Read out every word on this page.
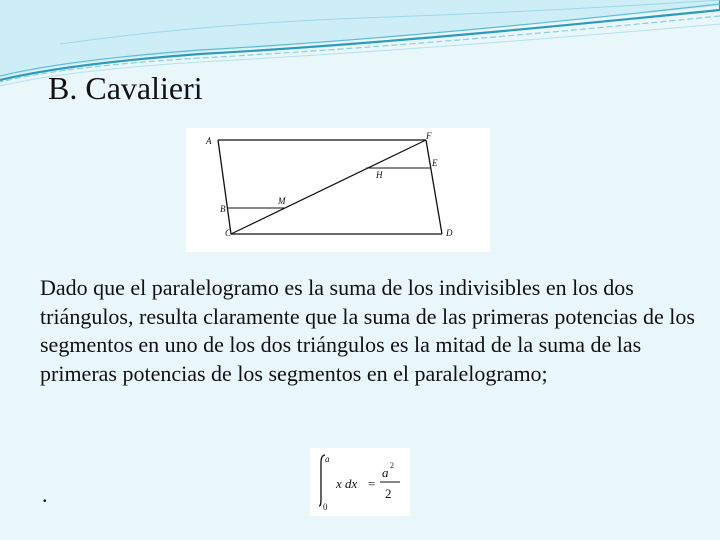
B. Cavalieri
A	F
E
H
M
B
C	D

Dado que el paralelogramo es la suma de los indivisibles en los dos triángulos, resulta claramente que la suma de las primeras potencias de los segmentos en uno de los dos triángulos es la mitad de la suma de las primeras potencias de los segmentos en el paralelogramo;

.
a
0
x dx =
a 2
2
